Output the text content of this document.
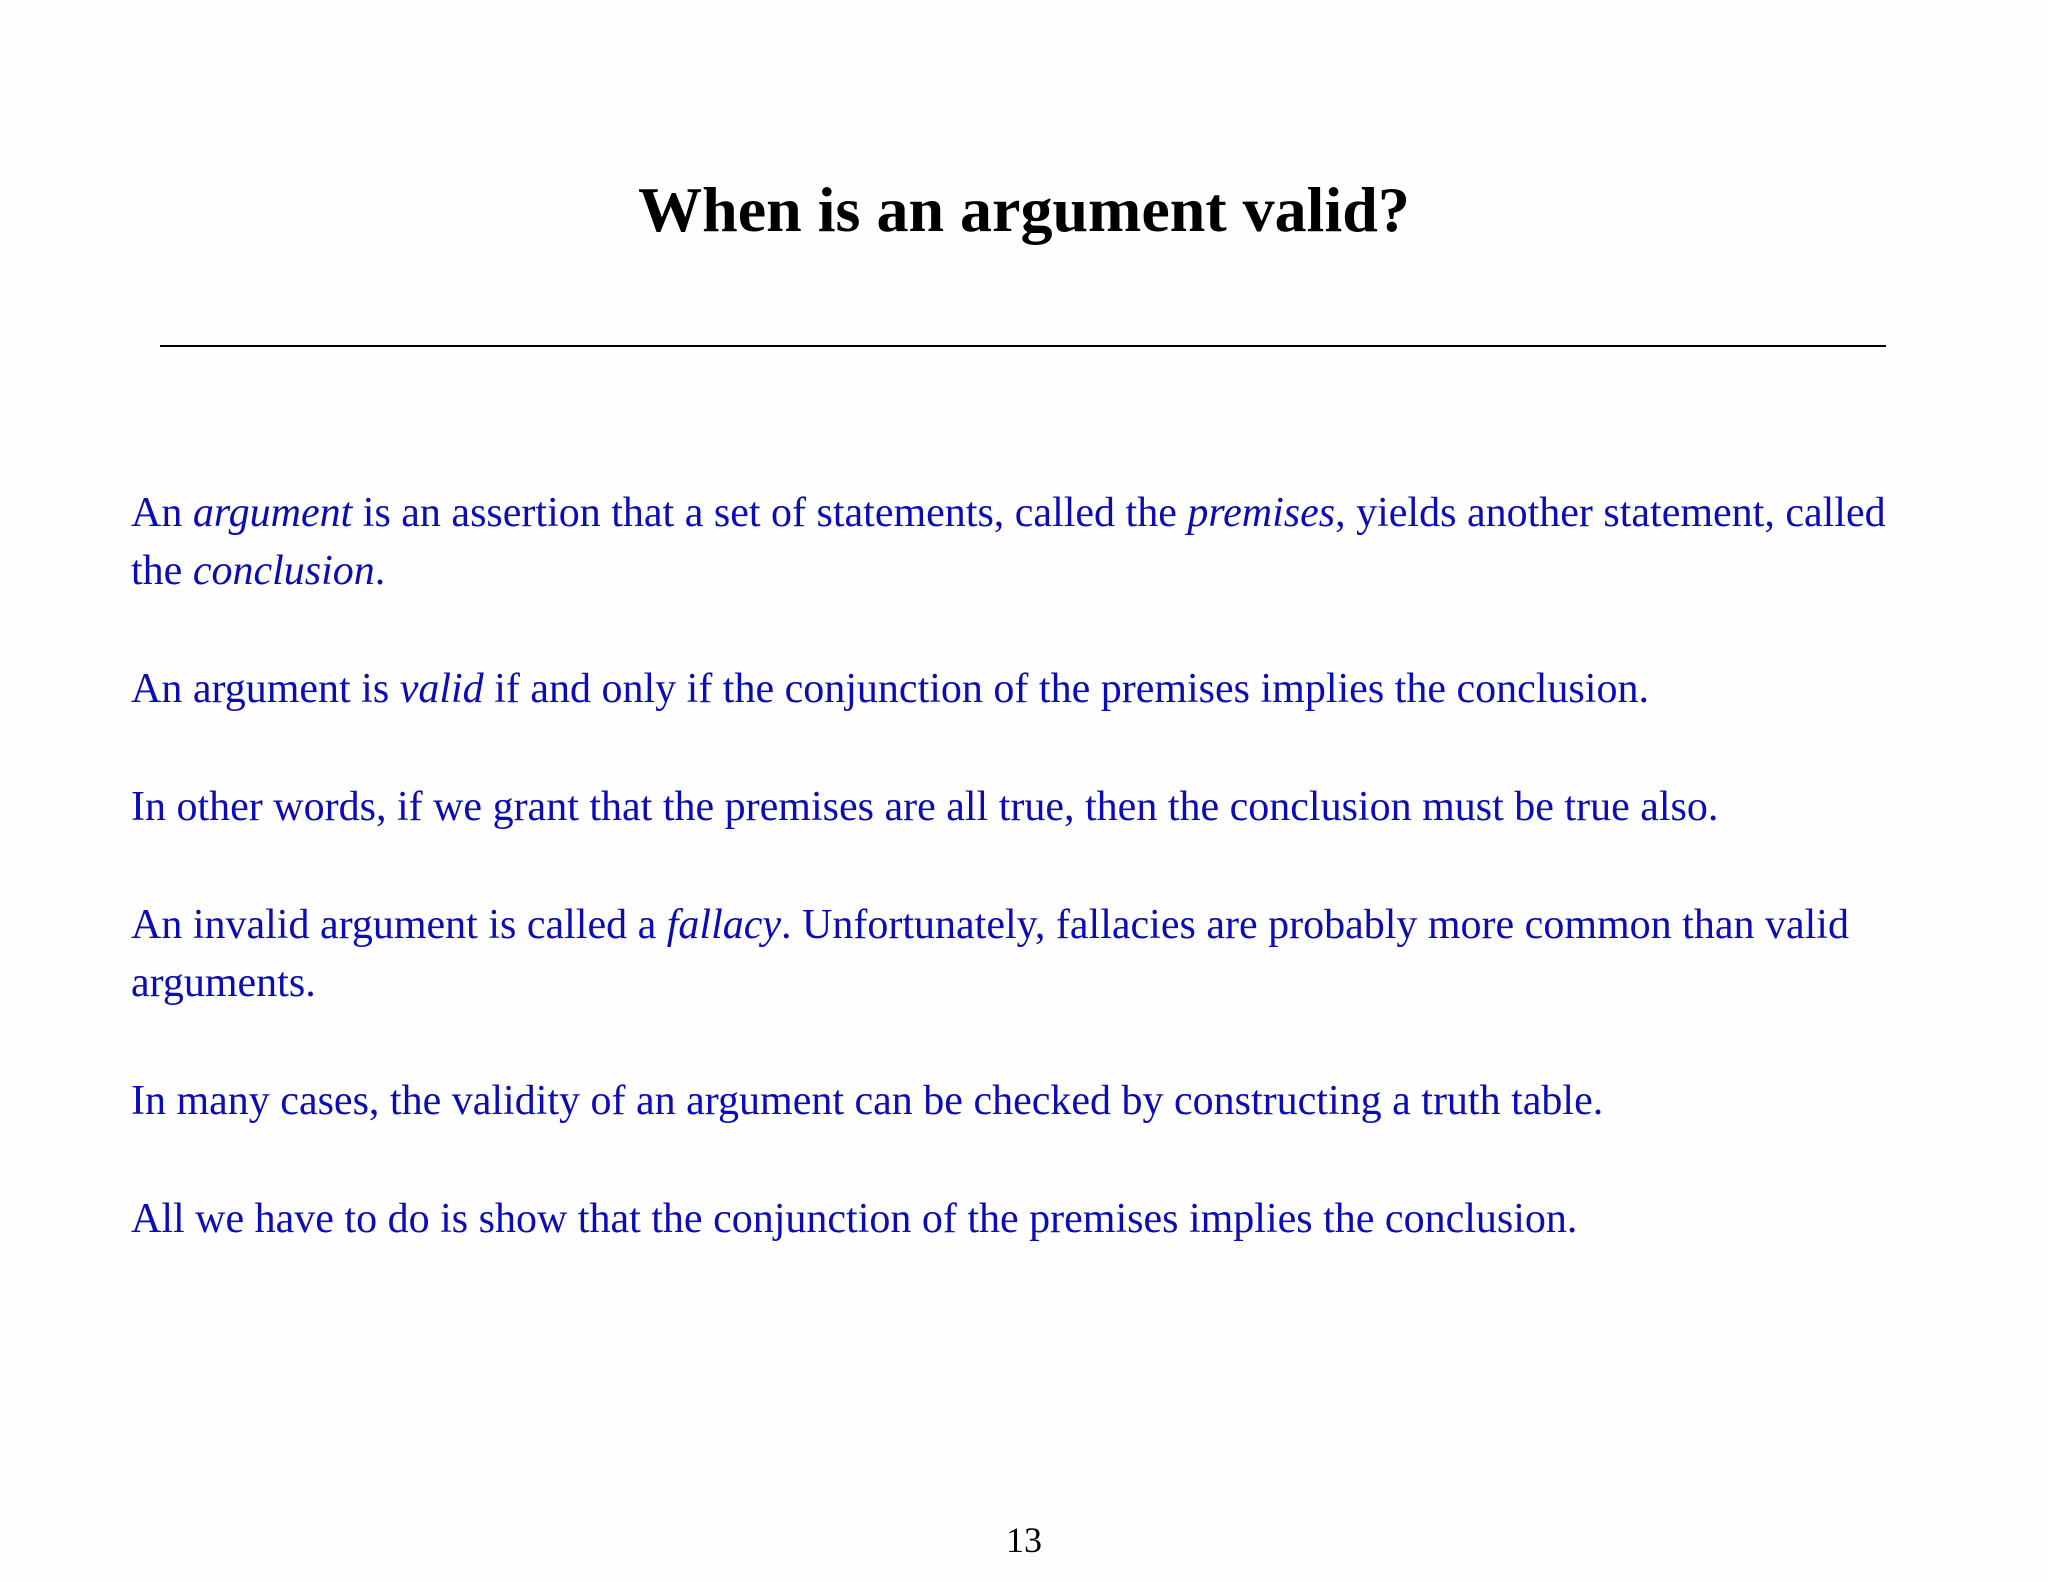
When is an argument valid?

An argument is an assertion that a set of statements, called the premises, yields another statement, called the conclusion.

An argument is valid if and only if the conjunction of the premises implies the conclusion.

In other words, if we grant that the premises are all true, then the conclusion must be true also.

An invalid argument is called a fallacy. Unfortunately, fallacies are probably more common than valid arguments.

In many cases, the validity of an argument can be checked by constructing a truth table.

All we have to do is show that the conjunction of the premises implies the conclusion.

13
